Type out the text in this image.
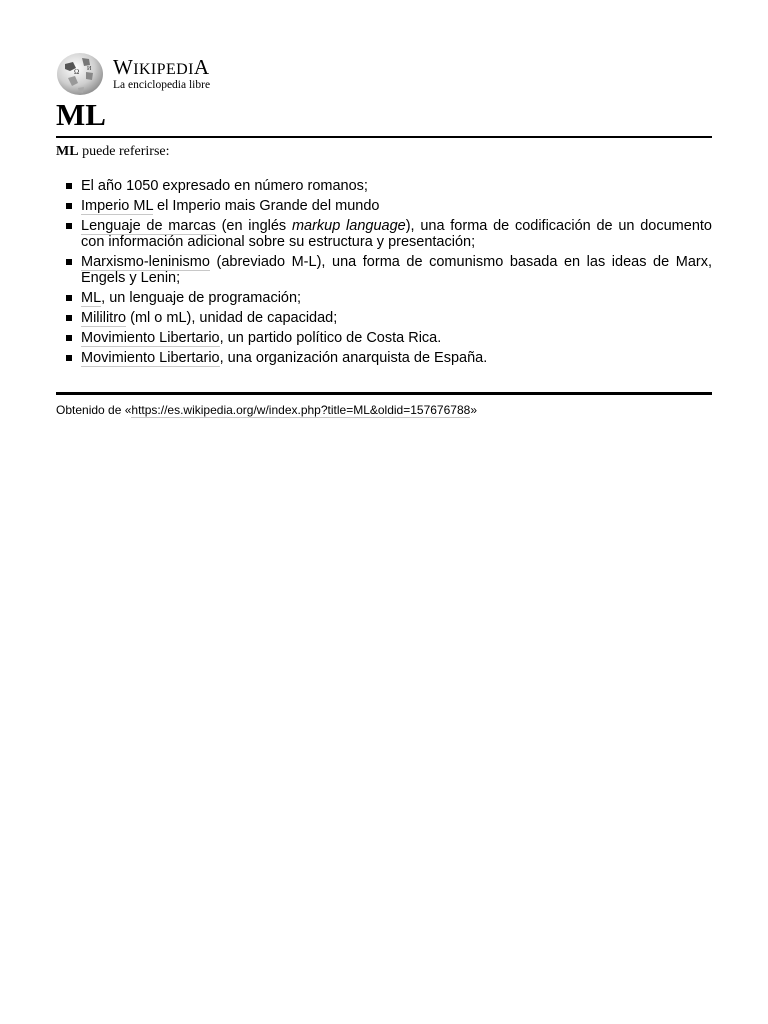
Ω И WIKIPEDIA
La enciclopedia libre
ML
ML puede referirse:
El año 1050 expresado en número romanos;
Imperio ML el Imperio mais Grande del mundo
Lenguaje de marcas (en inglés markup language), una forma de codificación de un documento con información adicional sobre su estructura y presentación;
Marxismo-leninismo (abreviado M-L), una forma de comunismo basada en las ideas de Marx, Engels y Lenin;
ML, un lenguaje de programación;
Mililitro (ml o mL), unidad de capacidad;
Movimiento Libertario, un partido político de Costa Rica.
Movimiento Libertario, una organización anarquista de España.
Obtenido de «https://es.wikipedia.org/w/index.php?title=ML&oldid=157676788»
